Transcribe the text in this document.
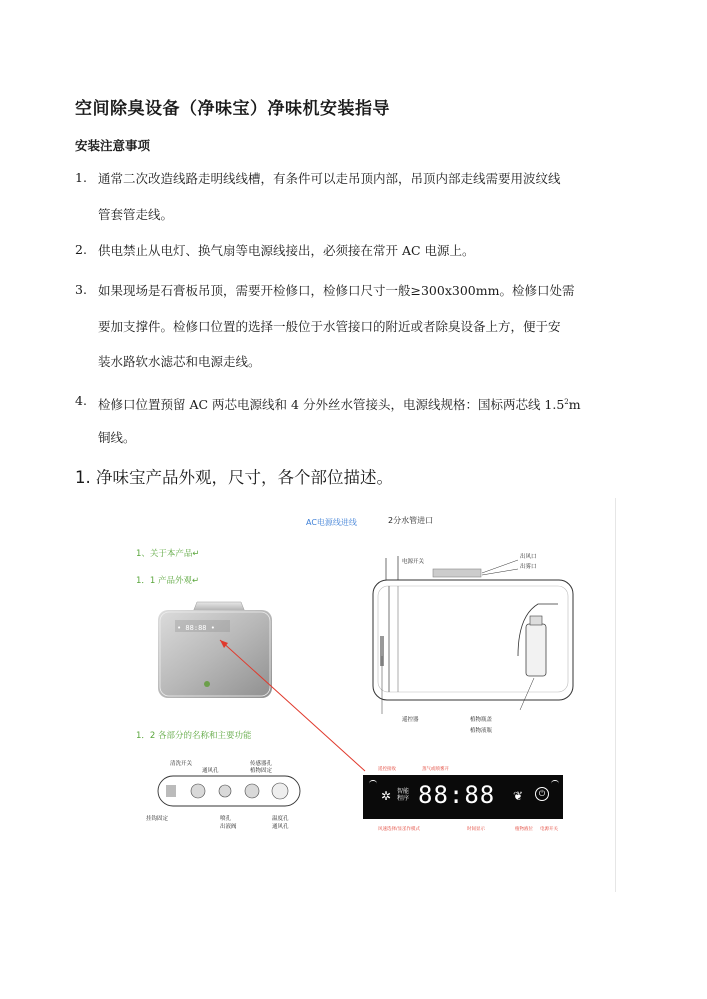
空间除臭设备（净味宝）净味机安装指导
安装注意事项
1. 通常二次改造线路走明线线槽，有条件可以走吊顶内部，吊顶内部走线需要用波纹线
管套管走线。
2. 供电禁止从电灯、换气扇等电源线接出，必须接在常开 AC 电源上。
3. 如果现场是石膏板吊顶，需要开检修口，检修口尺寸一般≥300x300mm。检修口处需
要加支撑件。检修口位置的选择一般位于水管接口的附近或者除臭设备上方，便于安
装水路软水滤芯和电源走线。
4. 检修口位置预留 AC 两芯电源线和 4 分外丝水管接头，电源线规格：国标两芯线 $1.5^2m$
铜线。
1. 净味宝产品外观，尺寸，各个部位描述。
1、关于本产品↵
1．1 产品外观↵
1．2 各部分的名称和主要功能
• 88:88 •
AC电源线进线	2分水管进口
电源开关
出风口
出雾口
遥控器	植物瓶盖
植物液瓶
清洗开关
通风孔
传感器孔
植物固定
挂钩固定	喷孔
出液阀
温度孔
通风孔
✲ 智能
程序 88:88 ❦	⏻
遥控接收	蒸气或喷雾开
风速选择/显示
工作模式	时间显示	植物液位 电源开关
